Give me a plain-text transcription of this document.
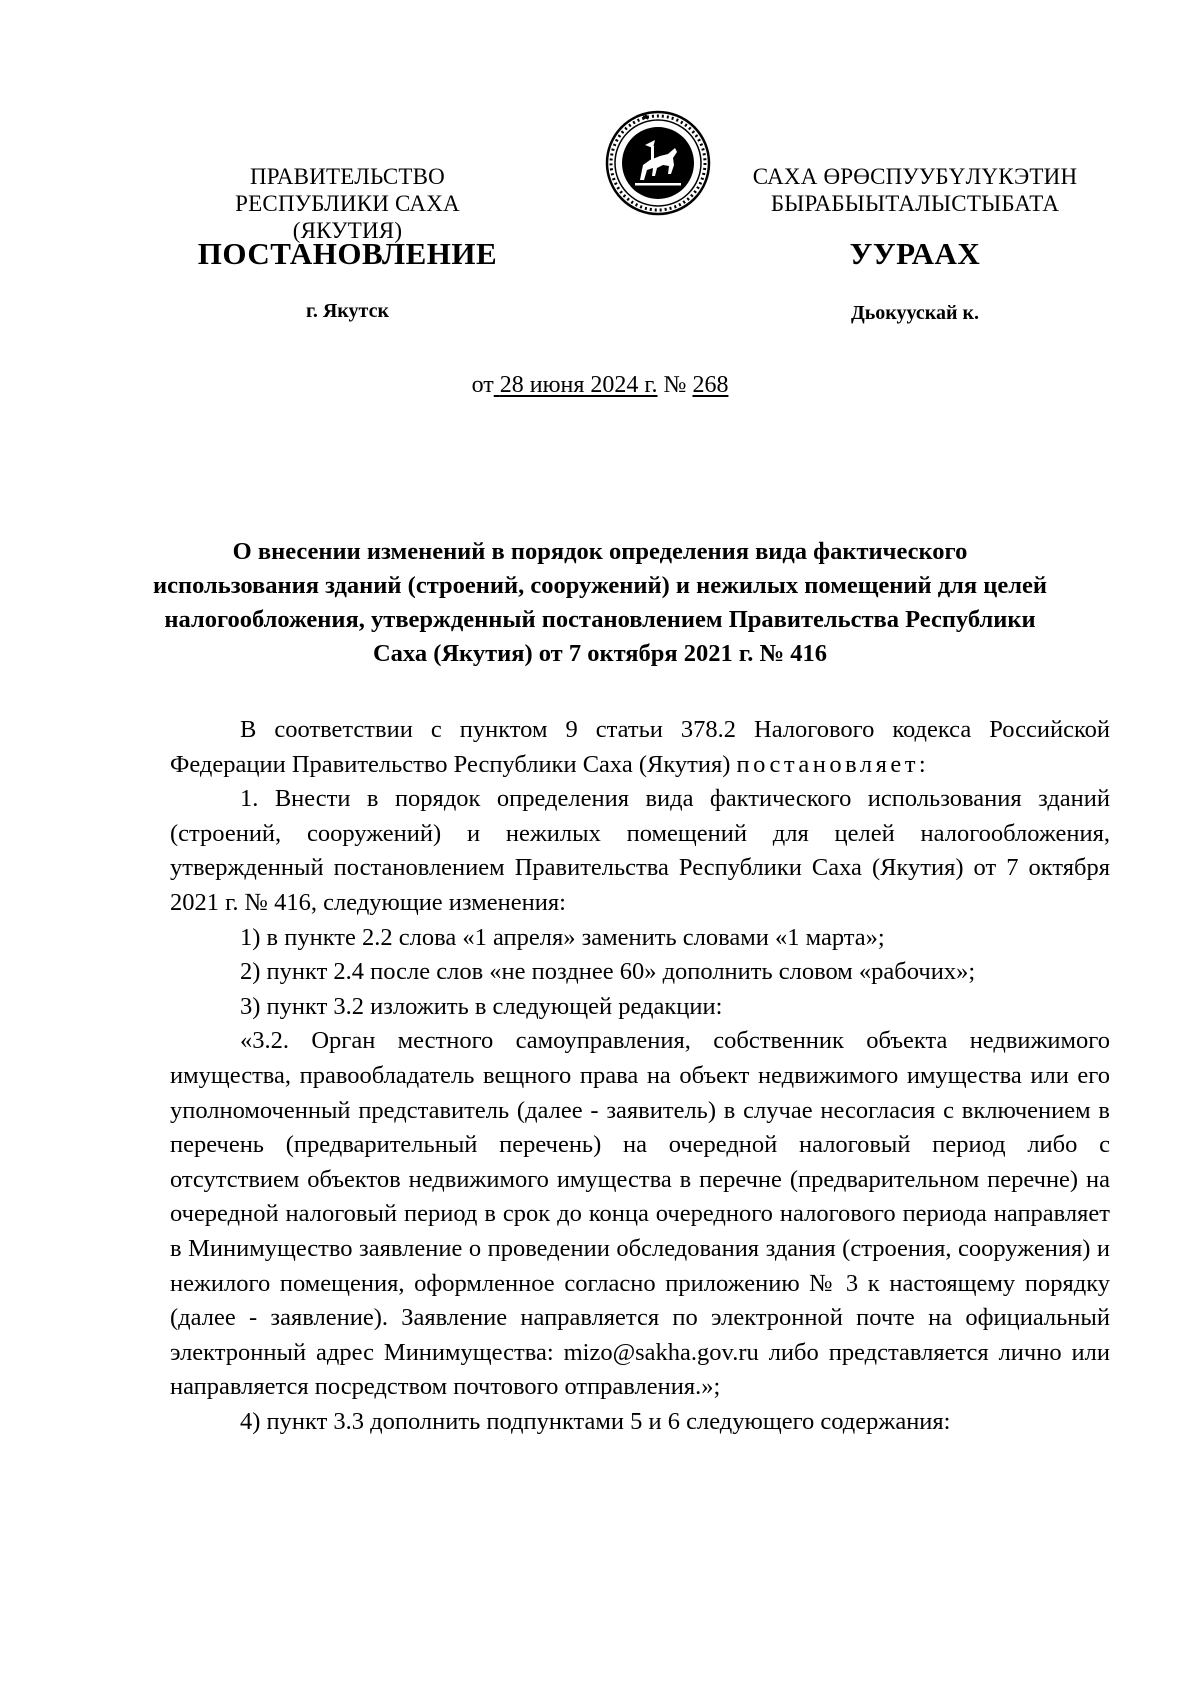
ПРАВИТЕЛЬСТВО
РЕСПУБЛИКИ САХА (ЯКУТИЯ)
САХА ӨРӨСПУУБҮЛҮКЭТИН
БЫРАБЫЫТАЛЫСТЫБАТА
ПОСТАНОВЛЕНИЕ	УУРААХ
г. Якутск	Дьокуускай к.
от 28 июня 2024 г. № 268
О внесении изменений в порядок определения вида фактического использования зданий (строений, сооружений) и нежилых помещений для целей налогообложения, утвержденный постановлением Правительства Республики Саха (Якутия) от 7 октября 2021 г. № 416

В соответствии с пунктом 9 статьи 378.2 Налогового кодекса Российской Федерации Правительство Республики Саха (Якутия) постановляет:

1. Внести в порядок определения вида фактического использования зданий (строений, сооружений) и нежилых помещений для целей налогообложения, утвержденный постановлением Правительства Республики Саха (Якутия) от 7 октября 2021 г. № 416, следующие изменения:

1) в пункте 2.2 слова «1 апреля» заменить словами «1 марта»;

2) пункт 2.4 после слов «не позднее 60» дополнить словом «рабочих»;

3) пункт 3.2 изложить в следующей редакции:

«3.2. Орган местного самоуправления, собственник объекта недвижимого имущества, правообладатель вещного права на объект недвижимого имущества или его уполномоченный представитель (далее - заявитель) в случае несогласия с включением в перечень (предварительный перечень) на очередной налоговый период либо с отсутствием объектов недвижимого имущества в перечне (предварительном перечне) на очередной налоговый период в срок до конца очередного налогового периода направляет в Минимущество заявление о проведении обследования здания (строения, сооружения) и нежилого помещения, оформленное согласно приложению № 3 к настоящему порядку (далее - заявление). Заявление направляется по электронной почте на официальный электронный адрес Минимущества: mizo@sakha.gov.ru либо представляется лично или направляется посредством почтового отправления.»;

4) пункт 3.3 дополнить подпунктами 5 и 6 следующего содержания:
